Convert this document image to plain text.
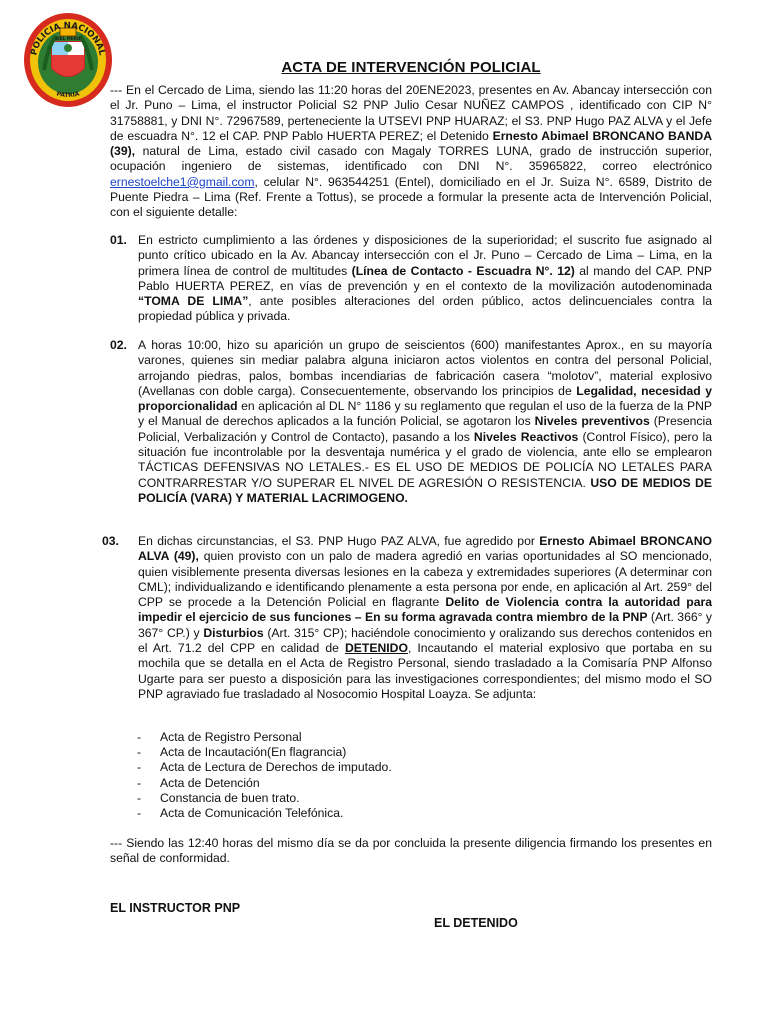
POLICIA NACIONAL
DEL PERU
PATRIA
ACTA DE INTERVENCIÓN POLICIAL

--- En el Cercado de Lima, siendo las 11:20 horas del 20ENE2023, presentes en Av. Abancay intersección con el Jr. Puno – Lima, el instructor Policial S2 PNP Julio Cesar NUÑEZ CAMPOS , identificado con CIP N° 31758881, y DNI N°. 72967589, perteneciente la UTSEVI PNP HUARAZ; el S3. PNP Hugo PAZ ALVA y el Jefe de escuadra N°. 12 el CAP. PNP Pablo HUERTA PEREZ; el Detenido Ernesto Abimael BRONCANO BANDA (39), natural de Lima, estado civil casado con Magaly TORRES LUNA, grado de instrucción superior, ocupación ingeniero de sistemas, identificado con DNI N°. 35965822, correo electrónico ernestoelche1@gmail.com, celular N°. 963544251 (Entel), domiciliado en el Jr. Suiza N°. 6589, Distrito de Puente Piedra – Lima (Ref. Frente a Tottus), se procede a formular la presente acta de Intervención Policial, con el siguiente detalle:

01. En estricto cumplimiento a las órdenes y disposiciones de la superioridad; el suscrito fue asignado al punto crítico ubicado en la Av. Abancay intersección con el Jr. Puno – Cercado de Lima – Lima, en la primera línea de control de multitudes (Línea de Contacto - Escuadra N°. 12) al mando del CAP. PNP Pablo HUERTA PEREZ, en vías de prevención y en el contexto de la movilización autodenominada “TOMA DE LIMA”, ante posibles alteraciones del orden público, actos delincuenciales contra la propiedad pública y privada.

02. A horas 10:00, hizo su aparición un grupo de seiscientos (600) manifestantes Aprox., en su mayoría varones, quienes sin mediar palabra alguna iniciaron actos violentos en contra del personal Policial, arrojando piedras, palos, bombas incendiarias de fabricación casera “molotov”, material explosivo (Avellanas con doble carga). Consecuentemente, observando los principios de Legalidad, necesidad y proporcionalidad en aplicación al DL N° 1186 y su reglamento que regulan el uso de la fuerza de la PNP y el Manual de derechos aplicados a la función Policial, se agotaron los Niveles preventivos (Presencia Policial, Verbalización y Control de Contacto), pasando a los Niveles Reactivos (Control Físico), pero la situación fue incontrolable por la desventaja numérica y el grado de violencia, ante ello se emplearon TÁCTICAS DEFENSIVAS NO LETALES.- ES EL USO DE MEDIOS DE POLICÍA NO LETALES PARA CONTRARRESTAR Y/O SUPERAR EL NIVEL DE AGRESIÓN O RESISTENCIA. USO DE MEDIOS DE POLICÍA (VARA) Y MATERIAL LACRIMOGENO.

03. En dichas circunstancias, el S3. PNP Hugo PAZ ALVA, fue agredido por Ernesto Abimael BRONCANO ALVA (49), quien provisto con un palo de madera agredió en varias oportunidades al SO mencionado, quien visiblemente presenta diversas lesiones en la cabeza y extremidades superiores (A determinar con CML); individualizando e identificando plenamente a esta persona por ende, en aplicación al Art. 259° del CPP se procede a la Detención Policial en flagrante Delito de Violencia contra la autoridad para impedir el ejercicio de sus funciones – En su forma agravada contra miembro de la PNP (Art. 366° y 367° CP.) y Disturbios (Art. 315° CP); haciéndole conocimiento y oralizando sus derechos contenidos en el Art. 71.2 del CPP en calidad de DETENIDO, Incautando el material explosivo que portaba en su mochila que se detalla en el Acta de Registro Personal, siendo trasladado a la Comisaría PNP Alfonso Ugarte para ser puesto a disposición para las investigaciones correspondientes; del mismo modo el SO PNP agraviado fue trasladado al Nosocomio Hospital Loayza. Se adjunta:

- Acta de Registro Personal
- Acta de Incautación(En flagrancia)
- Acta de Lectura de Derechos de imputado.
- Acta de Detención
- Constancia de buen trato.
- Acta de Comunicación Telefónica.

--- Siendo las 12:40 horas del mismo día se da por concluida la presente diligencia firmando los presentes en señal de conformidad.

EL INSTRUCTOR PNP
EL DETENIDO
